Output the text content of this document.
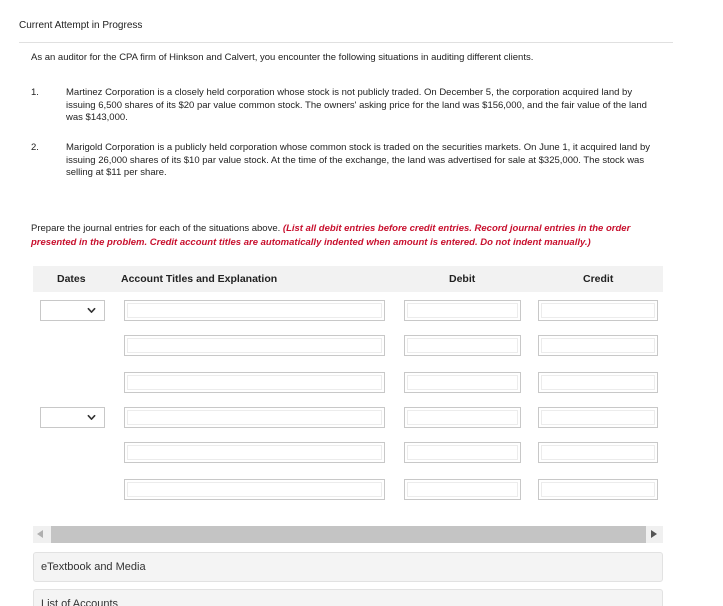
Current Attempt in Progress
As an auditor for the CPA firm of Hinkson and Calvert, you encounter the following situations in auditing different clients.
1.	Martinez Corporation is a closely held corporation whose stock is not publicly traded. On December 5, the corporation acquired land by issuing 6,500 shares of its $20 par value common stock. The owners' asking price for the land was $156,000, and the fair value of the land was $143,000.
2.	Marigold Corporation is a publicly held corporation whose common stock is traded on the securities markets. On June 1, it acquired land by issuing 26,000 shares of its $10 par value stock. At the time of the exchange, the land was advertised for sale at $325,000. The stock was selling at $11 per share.
Prepare the journal entries for each of the situations above. (List all debit entries before credit entries. Record journal entries in the order presented in the problem. Credit account titles are automatically indented when amount is entered. Do not indent manually.)
Dates	Account Titles and Explanation	Debit	Credit
eTextbook and Media
List of Accounts
